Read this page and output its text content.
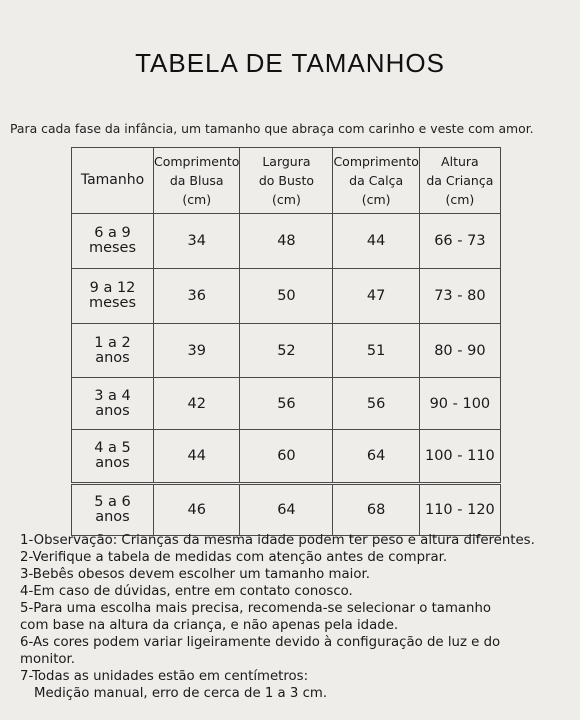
TABELA DE TAMANHOS
Para cada fase da infância, um tamanho que abraça com carinho e veste com amor.
Tamanho	Comprimento
da Blusa
(cm)	Largura
do Busto
(cm)	Comprimento
da Calça
(cm)	Altura
da Criança
(cm)
6 a 9
meses	34	48	44	66 - 73
9 a 12
meses	36	50	47	73 - 80
1 a 2
anos	39	52	51	80 - 90
3 a 4
anos	42	56	56	90 - 100
4 a 5
anos	44	60	64	100 - 110
5 a 6
anos	46	64	68	110 - 120
1-Observação: Crianças da mesma idade podem ter peso e altura diferentes.
2-Verifique a tabela de medidas com atenção antes de comprar.
3-Bebês obesos devem escolher um tamanho maior.
4-Em caso de dúvidas, entre em contato conosco.
5-Para uma escolha mais precisa, recomenda-se selecionar o tamanho
com base na altura da criança, e não apenas pela idade.
6-As cores podem variar ligeiramente devido à configuração de luz e do
monitor.
7-Todas as unidades estão em centímetros:
Medição manual, erro de cerca de 1 a 3 cm.
